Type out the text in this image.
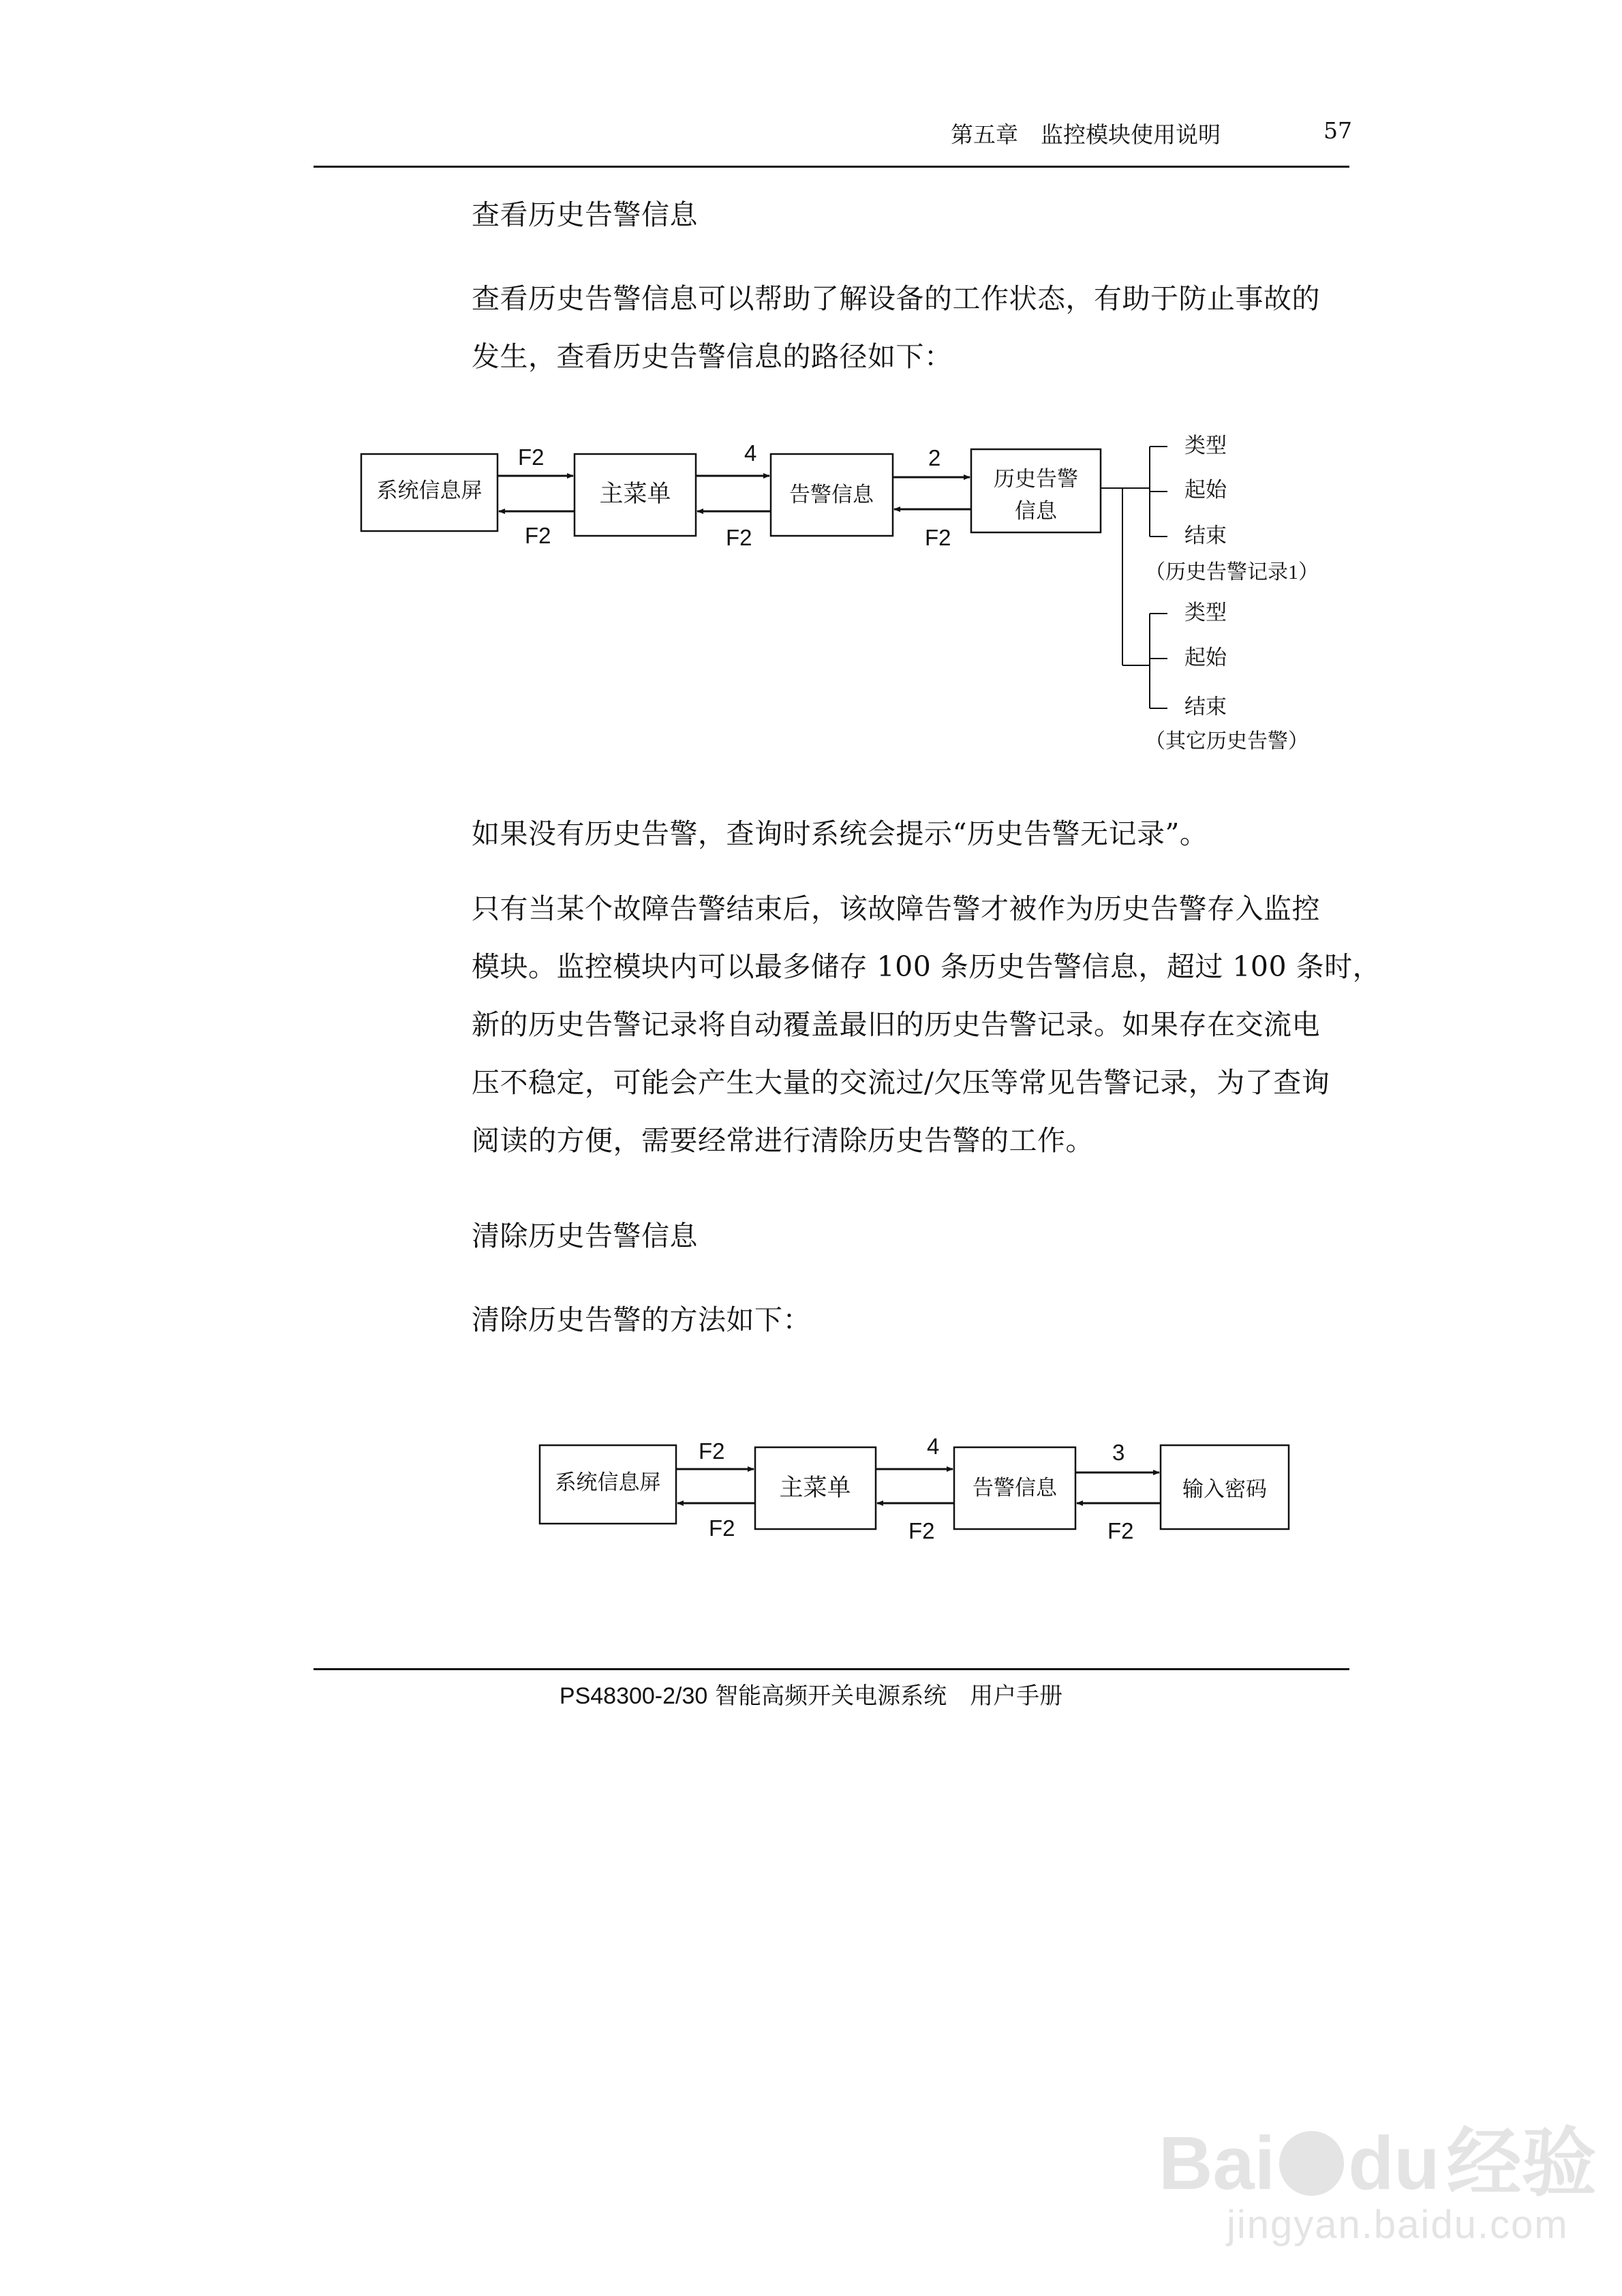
第五章　监控模块使用说明	57
查看历史告警信息
查看历史告警信息可以帮助了解设备的工作状态，有助于防止事故的
发生，查看历史告警信息的路径如下：
系统信息屏	主菜单	告警信息
历史告警
信息
F2
F2
4
F2
2
F2
类型
起始
结束
（历史告警记录1）
类型
起始
结束
（其它历史告警）
如果没有历史告警，查询时系统会提示“历史告警无记录”。
只有当某个故障告警结束后，该故障告警才被作为历史告警存入监控
模块。监控模块内可以最多储存 100 条历史告警信息，超过 100 条时，
新的历史告警记录将自动覆盖最旧的历史告警记录。如果存在交流电
压不稳定，可能会产生大量的交流过/欠压等常见告警记录，为了查询
阅读的方便，需要经常进行清除历史告警的工作。
清除历史告警信息
清除历史告警的方法如下：
系统信息屏	主菜单	告警信息	输入密码
F2
F2
4
F2
3
F2
PS48300-2/30 智能高频开关电源系统　用户手册
Bai du经验
jingyan.baidu.com
